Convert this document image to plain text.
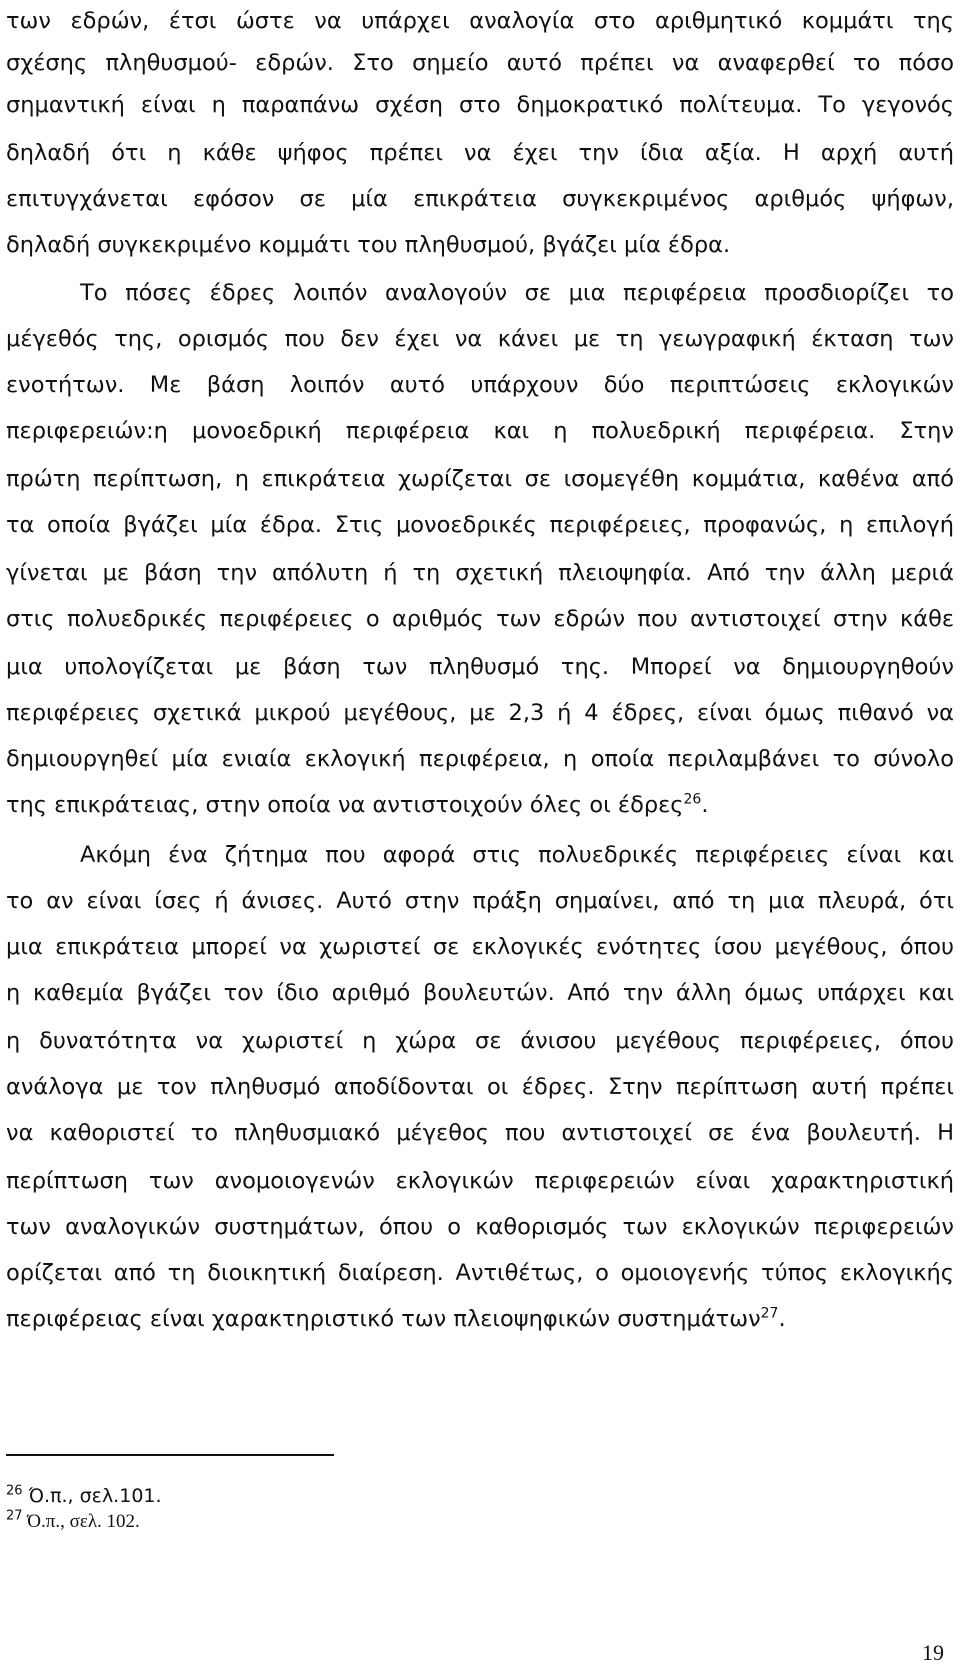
των εδρών, έτσι ώστε να υπάρχει αναλογία στο αριθμητικό κομμάτι της

σχέσης πληθυσμού- εδρών. Στο σημείο αυτό πρέπει να αναφερθεί το πόσο

σημαντική είναι η παραπάνω σχέση στο δημοκρατικό πολίτευμα. Το γεγονός

δηλαδή ότι η κάθε ψήφος πρέπει να έχει την ίδια αξία. Η αρχή αυτή

επιτυγχάνεται εφόσον σε μία επικράτεια συγκεκριμένος αριθμός ψήφων,

δηλαδή συγκεκριμένο κομμάτι του πληθυσμού, βγάζει μία έδρα.

Το πόσες έδρες λοιπόν αναλογούν σε μια περιφέρεια προσδιορίζει το

μέγεθός της, ορισμός που δεν έχει να κάνει με τη γεωγραφική έκταση των

ενοτήτων. Με βάση λοιπόν αυτό υπάρχουν δύο περιπτώσεις εκλογικών

περιφερειών:η μονοεδρική περιφέρεια και η πολυεδρική περιφέρεια. Στην

πρώτη περίπτωση, η επικράτεια χωρίζεται σε ισομεγέθη κομμάτια, καθένα από

τα οποία βγάζει μία έδρα. Στις μονοεδρικές περιφέρειες, προφανώς, η επιλογή

γίνεται με βάση την απόλυτη ή τη σχετική πλειοψηφία. Από την άλλη μεριά

στις πολυεδρικές περιφέρειες ο αριθμός των εδρών που αντιστοιχεί στην κάθε

μια υπολογίζεται με βάση των πληθυσμό της. Μπορεί να δημιουργηθούν

περιφέρειες σχετικά μικρού μεγέθους, με 2,3 ή 4 έδρες, είναι όμως πιθανό να

δημιουργηθεί μία ενιαία εκλογική περιφέρεια, η οποία περιλαμβάνει το σύνολο

της επικράτειας, στην οποία να αντιστοιχούν όλες οι έδρες$^{26}$.

Ακόμη ένα ζήτημα που αφορά στις πολυεδρικές περιφέρειες είναι και

το αν είναι ίσες ή άνισες. Αυτό στην πράξη σημαίνει, από τη μια πλευρά, ότι

μια επικράτεια μπορεί να χωριστεί σε εκλογικές ενότητες ίσου μεγέθους, όπου

η καθεμία βγάζει τον ίδιο αριθμό βουλευτών. Από την άλλη όμως υπάρχει και

η δυνατότητα να χωριστεί η χώρα σε άνισου μεγέθους περιφέρειες, όπου

ανάλογα με τον πληθυσμό αποδίδονται οι έδρες. Στην περίπτωση αυτή πρέπει

να καθοριστεί το πληθυσμιακό μέγεθος που αντιστοιχεί σε ένα βουλευτή. Η

περίπτωση των ανομοιογενών εκλογικών περιφερειών είναι χαρακτηριστική

των αναλογικών συστημάτων, όπου ο καθορισμός των εκλογικών περιφερειών

ορίζεται από τη διοικητική διαίρεση. Αντιθέτως, ο ομοιογενής τύπος εκλογικής

περιφέρειας είναι χαρακτηριστικό των πλειοψηφικών συστημάτων$^{27}$.

$^{26}$ Ό.π., σελ.101.
$^{27}$ Ό.π., σελ. 102.
19
